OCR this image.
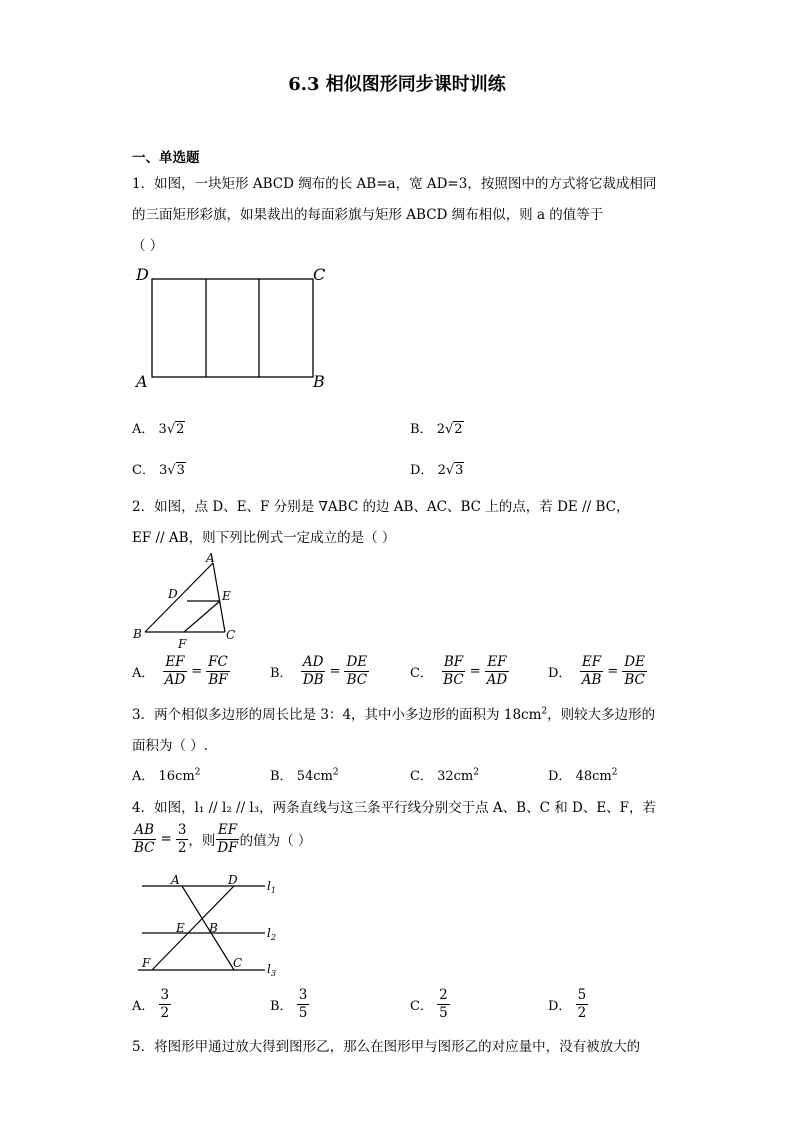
6.3 相似图形同步课时训练
一、单选题
1．如图，一块矩形 ABCD 绸布的长 AB=a，宽 AD=3，按照图中的方式将它裁成相同
的三面矩形彩旗，如果裁出的每面彩旗与矩形 ABCD 绸布相似，则 a 的值等于
（ ）
D	C
A	B
A． 3√2	B． 2√2
C． 3√3	D． 2√3
2．如图，点 D、E、F 分别是 ∇ABC 的边 AB、AC、BC 上的点，若 DE // BC，
EF // AB，则下列比例式一定成立的是（ ）
A
D	E
B
F
C
A．
$\frac{EF}{AD} = \frac{FC}{BF}$	B．
$\frac{AD}{DB} = \frac{DE}{BC}$	C．
$\frac{BF}{BC} = \frac{EF}{AD}$	D．
$\frac{EF}{AB} = \frac{DE}{BC}$
3．两个相似多边形的周长比是 3：4，其中小多边形的面积为 $18cm^2$，则较大多边形的
面积为（ ）.
A． $16cm^2$	B． $54cm^2$	C． $32cm^2$	D． $48cm^2$
4．如图，l₁ // l₂ // l₃，两条直线与这三条平行线分别交于点 A、B、C 和 D、E、F，若
$\frac{AB}{BC} = \frac{3}{2}$ ，则 $\frac{EF}{DF}$ 的值为（ ）
A	D
E B
F	C
$l_1$
$l_2$
$l_3$
A．
$\frac{3}{2}$	B．
$\frac{3}{5}$	C．
$\frac{2}{5}$	D．
$\frac{5}{2}$
5．将图形甲通过放大得到图形乙，那么在图形甲与图形乙的对应量中，没有被放大的
